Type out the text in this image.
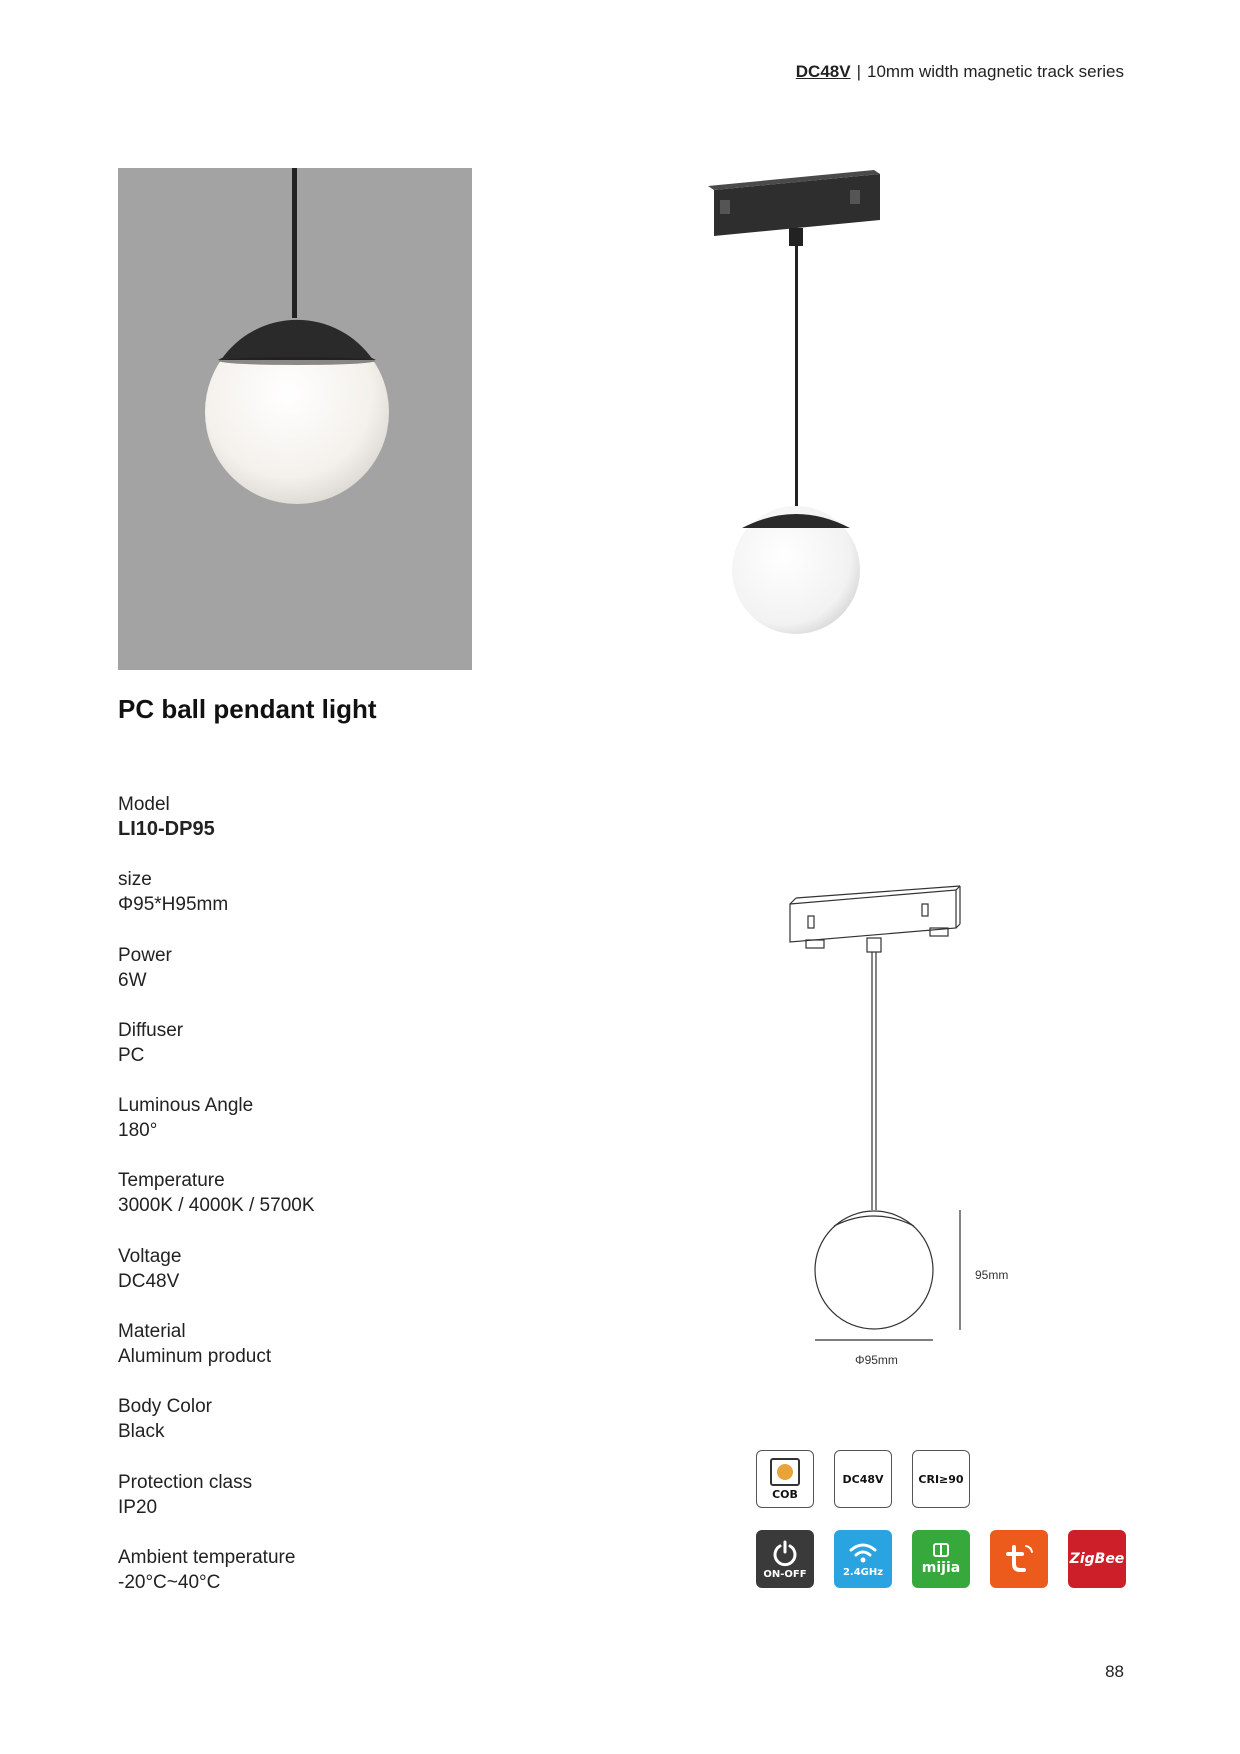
DC48V | 10mm width magnetic track series
PC ball pendant light
Model
LI10-DP95
size
Φ95*H95mm
Power
6W
Diffuser
PC
Luminous Angle
180°
Temperature
3000K / 4000K / 5700K
Voltage
DC48V
Material
Aluminum product
Body Color
Black
Protection class
IP20
Ambient temperature
-20°C~40°C
95mm
Φ95mm
COB
DC48V	CRI≥90
ON-OFF	2.4GHz	mijia
ZigBee
88
